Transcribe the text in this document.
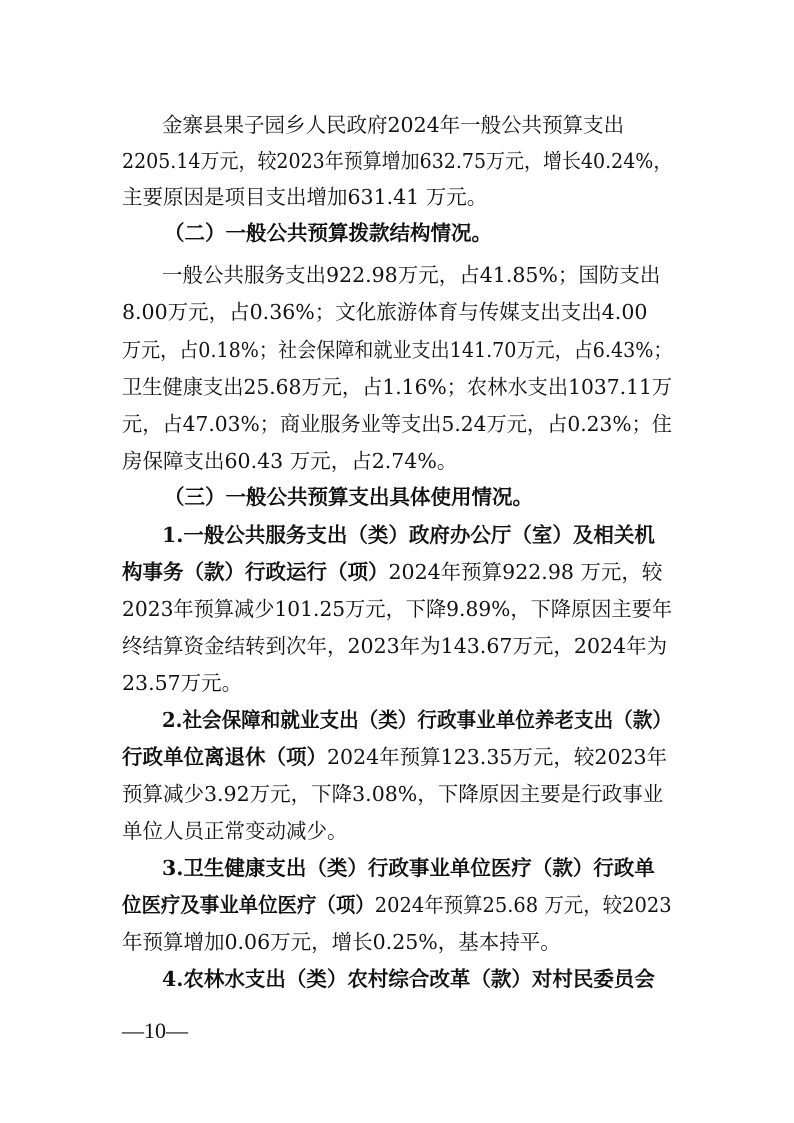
金寨县果子园乡人民政府2024年一般公共预算支出
2205.14万元，较2023年预算增加632.75万元，增长40.24%，
主要原因是项目支出增加631.41 万元。
（二）一般公共预算拨款结构情况。
一般公共服务支出922.98万元，占41.85%；国防支出
8.00万元，占0.36%；文化旅游体育与传媒支出支出4.00
万元，占0.18%；社会保障和就业支出141.70万元，占6.43%；
卫生健康支出25.68万元，占1.16%；农林水支出1037.11万
元，占47.03%；商业服务业等支出5.24万元，占0.23%；住
房保障支出60.43 万元，占2.74%。
（三）一般公共预算支出具体使用情况。
1.一般公共服务支出（类）政府办公厅（室）及相关机
构事务（款）行政运行（项）2024年预算922.98 万元，较
2023年预算减少101.25万元，下降9.89%，下降原因主要年
终结算资金结转到次年，2023年为143.67万元，2024年为
23.57万元。
2.社会保障和就业支出（类）行政事业单位养老支出（款）
行政单位离退休（项）2024年预算123.35万元，较2023年
预算减少3.92万元，下降3.08%，下降原因主要是行政事业
单位人员正常变动减少。
3.卫生健康支出（类）行政事业单位医疗（款）行政单
位医疗及事业单位医疗（项）2024年预算25.68 万元，较2023
年预算增加0.06万元，增长0.25%，基本持平。
4.农林水支出（类）农村综合改革（款）对村民委员会
—10—
